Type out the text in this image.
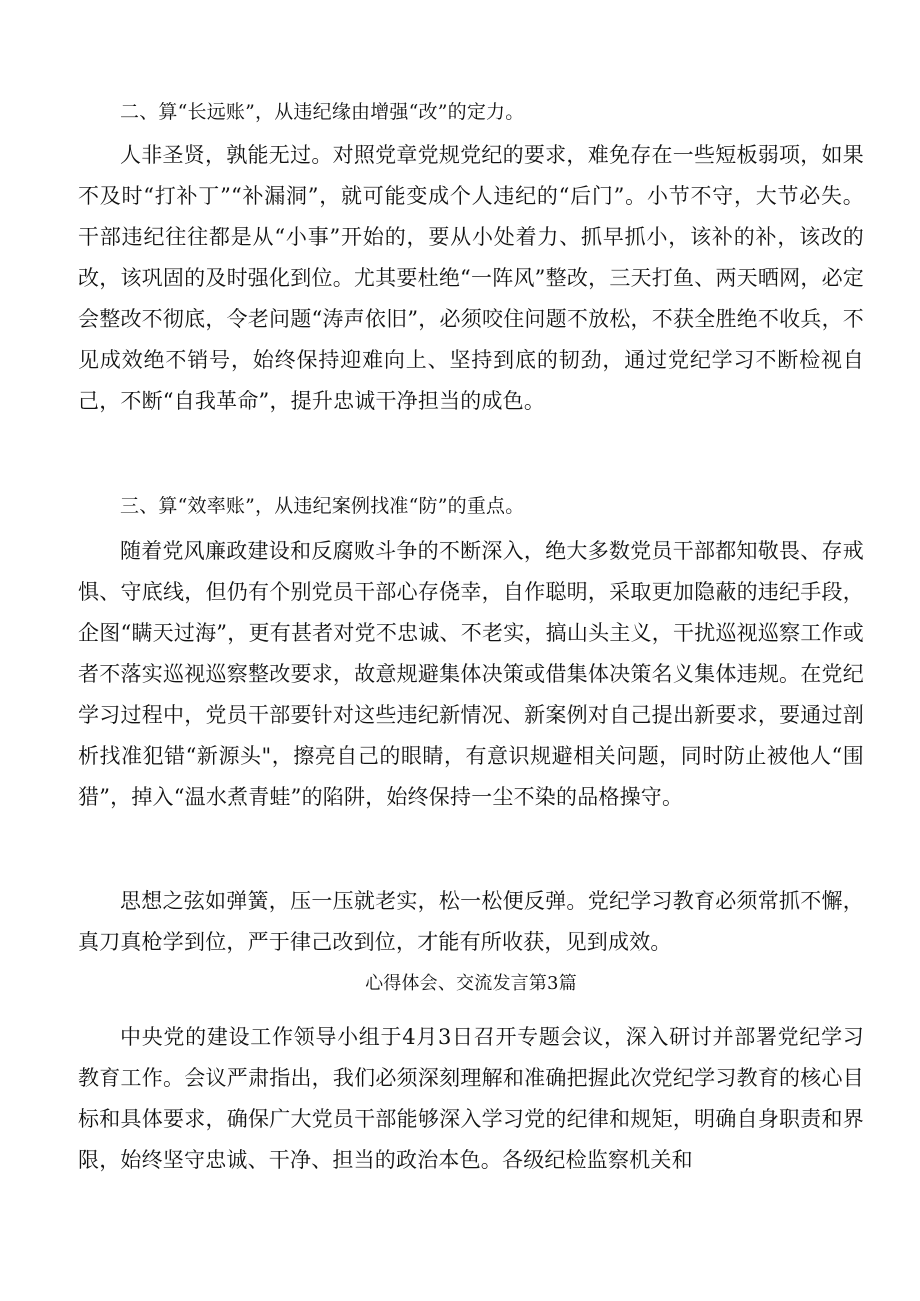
二、算“长远账”，从违纪缘由增强“改”的定力。

人非圣贤，孰能无过。对照党章党规党纪的要求，难免存在一些短板弱项，如果不及时“打补丁”“补漏洞”，就可能变成个人违纪的“后门”。小节不守，大节必失。干部违纪往往都是从“小事”开始的，要从小处着力、抓早抓小，该补的补，该改的改，该巩固的及时强化到位。尤其要杜绝“一阵风”整改，三天打鱼、两天晒网，必定会整改不彻底，令老问题“涛声依旧”，必须咬住问题不放松，不获全胜绝不收兵，不见成效绝不销号，始终保持迎难向上、坚持到底的韧劲，通过党纪学习不断检视自己，不断“自我革命”，提升忠诚干净担当的成色。

三、算“效率账”，从违纪案例找准“防”的重点。

随着党风廉政建设和反腐败斗争的不断深入，绝大多数党员干部都知敬畏、存戒惧、守底线，但仍有个别党员干部心存侥幸，自作聪明，采取更加隐蔽的违纪手段，企图“瞒天过海”，更有甚者对党不忠诚、不老实，搞山头主义，干扰巡视巡察工作或者不落实巡视巡察整改要求，故意规避集体决策或借集体决策名义集体违规。在党纪学习过程中，党员干部要针对这些违纪新情况、新案例对自己提出新要求，要通过剖析找准犯错“新源头"，擦亮自己的眼睛，有意识规避相关问题，同时防止被他人“围猎”，掉入“温水煮青蛙”的陷阱，始终保持一尘不染的品格操守。

思想之弦如弹簧，压一压就老实，松一松便反弹。党纪学习教育必须常抓不懈，真刀真枪学到位，严于律己改到位，才能有所收获，见到成效。

心得体会、交流发言第3篇

中央党的建设工作领导小组于4月3日召开专题会议，深入研讨并部署党纪学习教育工作。会议严肃指出，我们必须深刻理解和准确把握此次党纪学习教育的核心目标和具体要求，确保广大党员干部能够深入学习党的纪律和规矩，明确自身职责和界限，始终坚守忠诚、干净、担当的政治本色。各级纪检监察机关和
